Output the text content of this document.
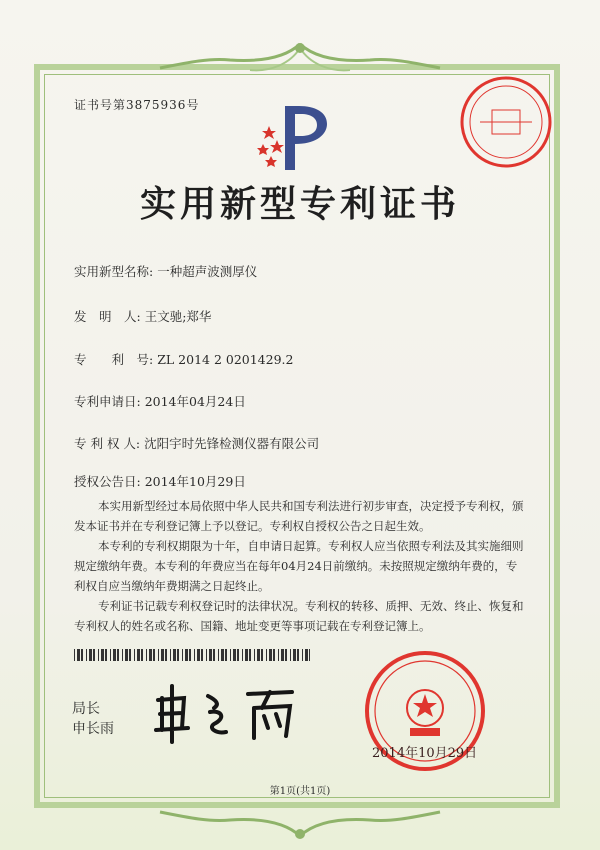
证书号第3875936号
实用新型专利证书
实用新型名称: 一种超声波测厚仪
发　明　人: 王文驰;郑华
专　　利　号: ZL 2014 2 0201429.2
专利申请日: 2014年04月24日
专 利 权 人: 沈阳宇时先锋检测仪器有限公司
授权公告日: 2014年10月29日

本实用新型经过本局依照中华人民共和国专利法进行初步审查，决定授予专利权，颁发本证书并在专利登记簿上予以登记。专利权自授权公告之日起生效。

本专利的专利权期限为十年，自申请日起算。专利权人应当依照专利法及其实施细则规定缴纳年费。本专利的年费应当在每年04月24日前缴纳。未按照规定缴纳年费的，专利权自应当缴纳年费期满之日起终止。

专利证书记载专利权登记时的法律状况。专利权的转移、质押、无效、终止、恢复和专利权人的姓名或名称、国籍、地址变更等事项记载在专利登记簿上。

局长
申长雨
2014年10月29日
第1页(共1页)
